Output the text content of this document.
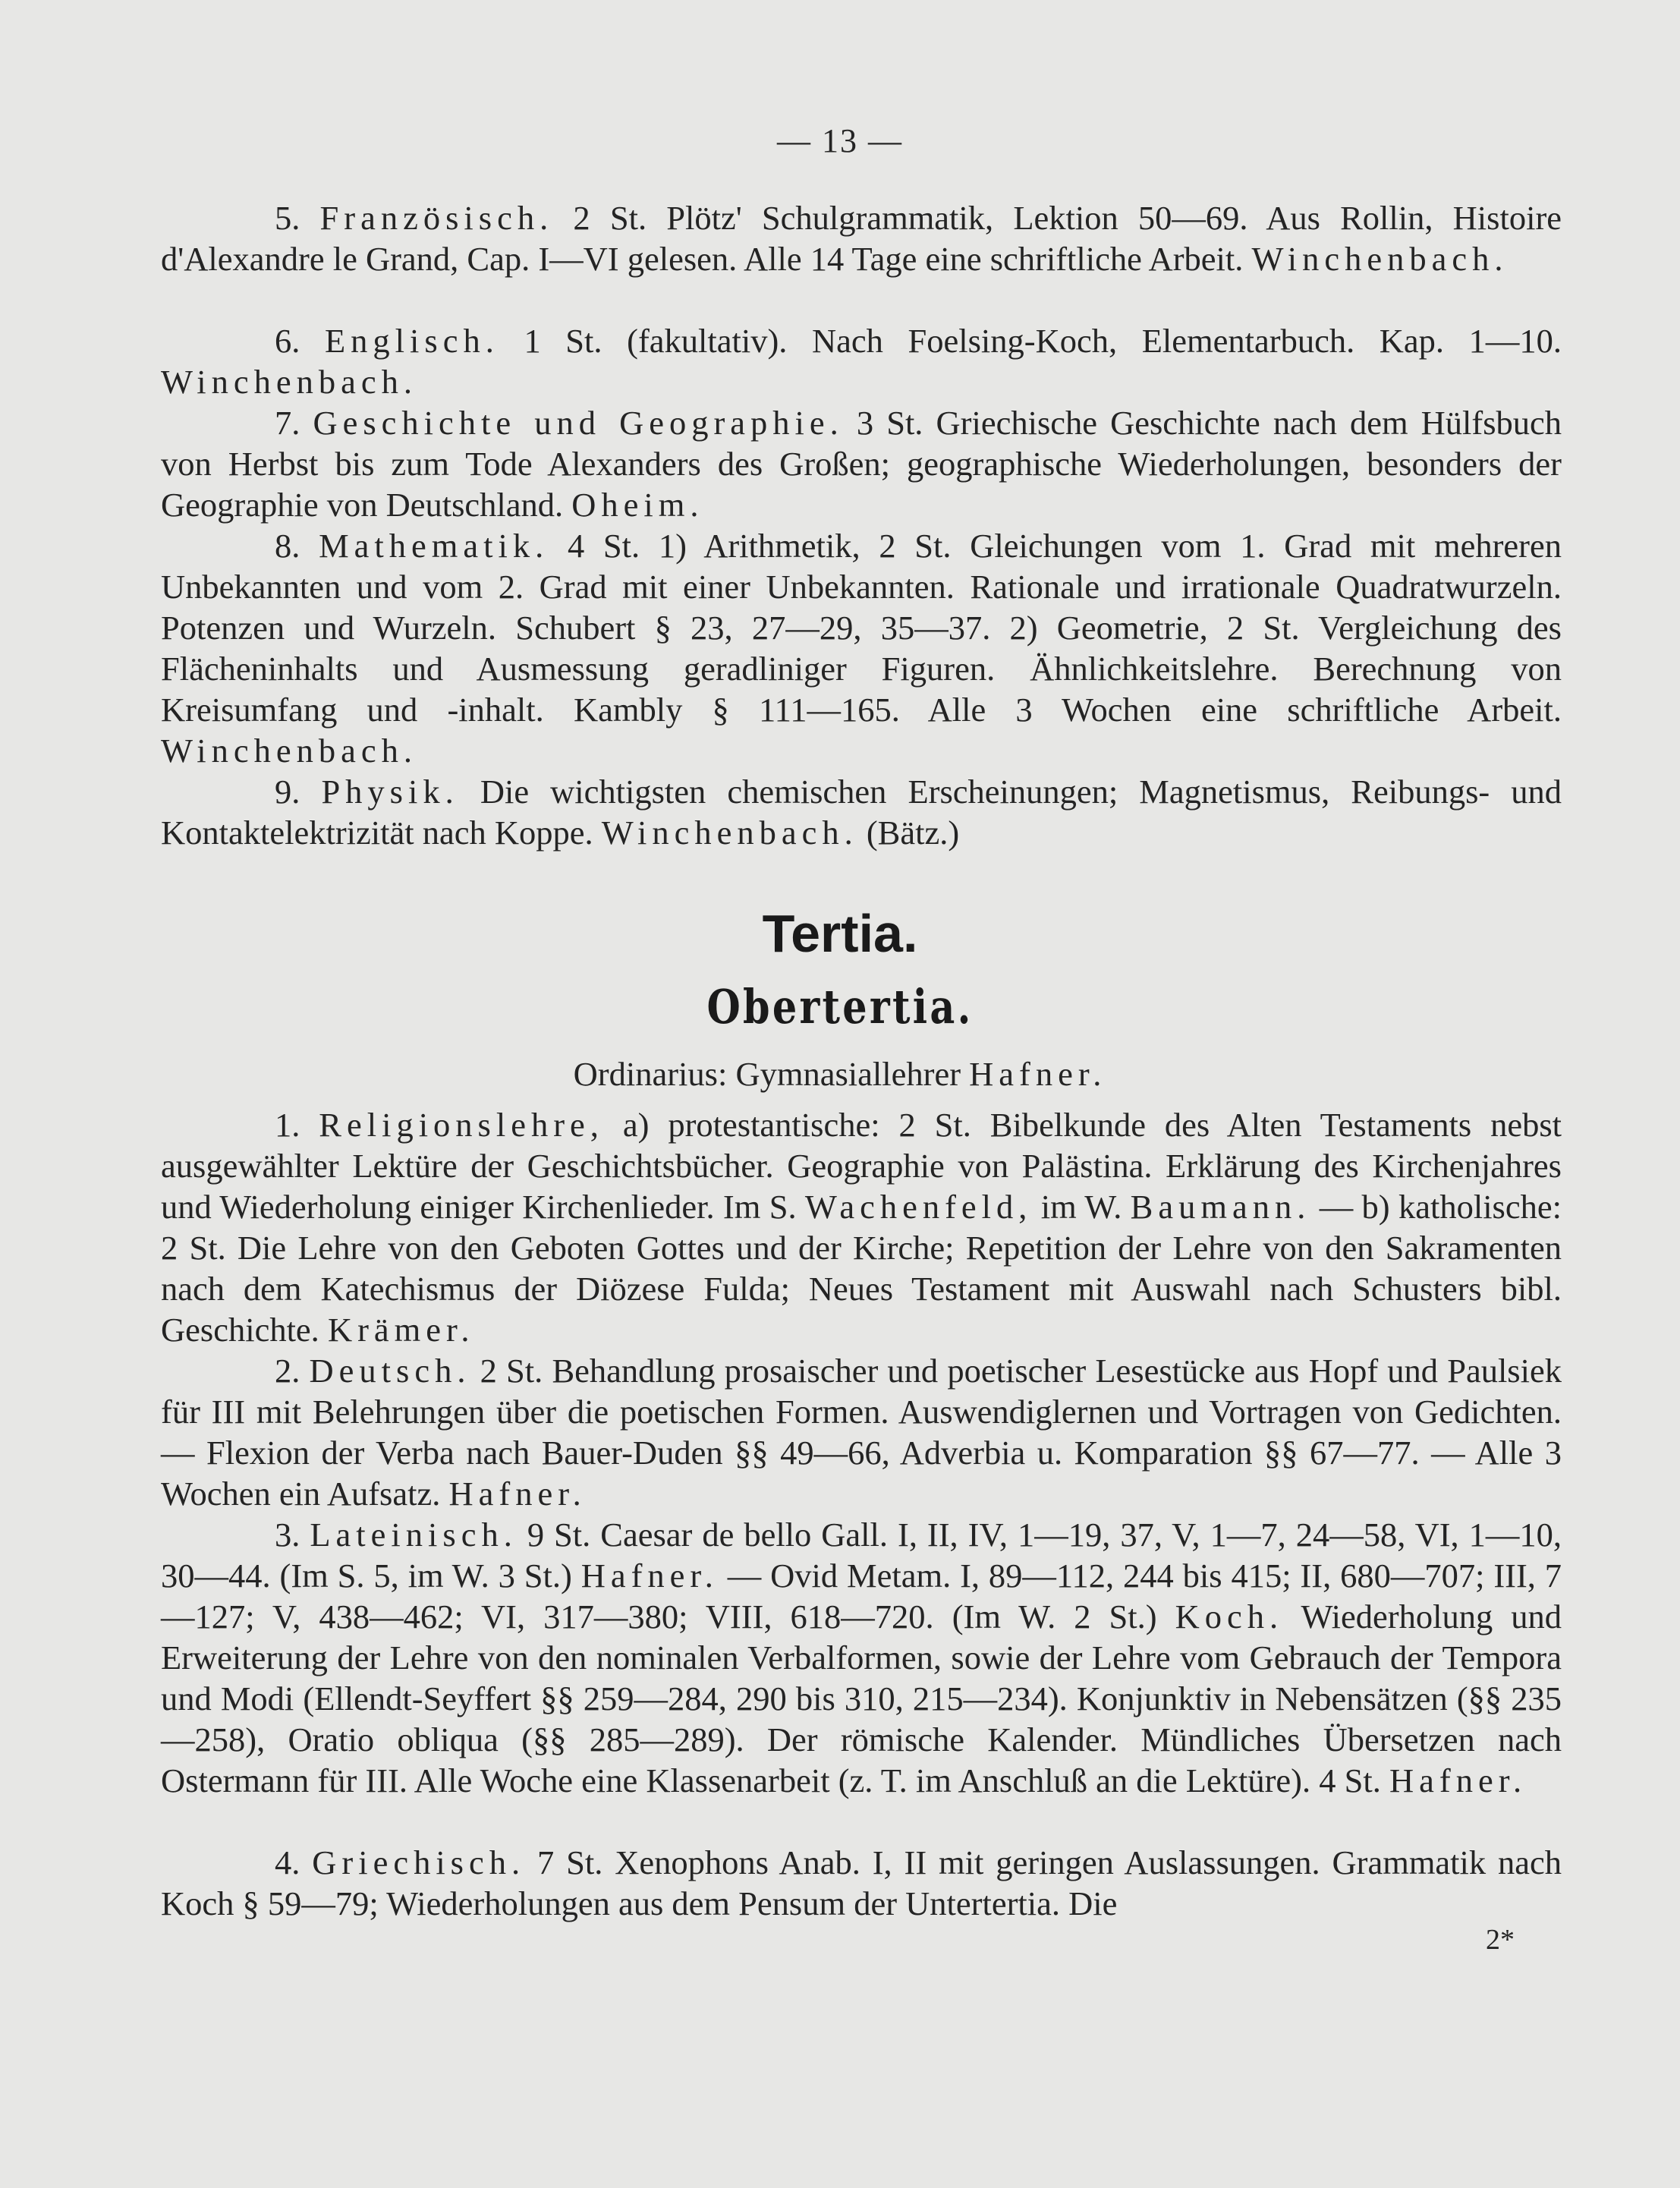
— 13 —
5. Französisch. 2 St. Plötz' Schulgrammatik, Lektion 50—69. Aus Rollin, Histoire d'Alexandre le Grand, Cap. I—VI gelesen. Alle 14 Tage eine schriftliche Arbeit. Winchenbach.
6. Englisch. 1 St. (fakultativ). Nach Foelsing-Koch, Elementarbuch. Kap. 1—10. Winchenbach.
7. Geschichte und Geographie. 3 St. Griechische Geschichte nach dem Hülfsbuch von Herbst bis zum Tode Alexanders des Großen; geographische Wiederholungen, besonders der Geographie von Deutschland. Oheim.
8. Mathematik. 4 St. 1) Arithmetik, 2 St. Gleichungen vom 1. Grad mit mehreren Unbekannten und vom 2. Grad mit einer Unbekannten. Rationale und irrationale Quadratwurzeln. Potenzen und Wurzeln. Schubert § 23, 27—29, 35—37. 2) Geometrie, 2 St. Vergleichung des Flächeninhalts und Ausmessung geradliniger Figuren. Ähnlichkeitslehre. Berechnung von Kreisumfang und -inhalt. Kambly § 111—165. Alle 3 Wochen eine schriftliche Arbeit. Winchenbach.
9. Physik. Die wichtigsten chemischen Erscheinungen; Magnetismus, Reibungs- und Kontaktelektrizität nach Koppe. Winchenbach. (Bätz.)
Tertia.
Obertertia.
Ordinarius: Gymnasiallehrer Hafner.
1. Religionslehre, a) protestantische: 2 St. Bibelkunde des Alten Testaments nebst ausgewählter Lektüre der Geschichtsbücher. Geographie von Palästina. Erklärung des Kirchenjahres und Wiederholung einiger Kirchenlieder. Im S. Wachenfeld, im W. Baumann. — b) katholische: 2 St. Die Lehre von den Geboten Gottes und der Kirche; Repetition der Lehre von den Sakramenten nach dem Katechismus der Diözese Fulda; Neues Testament mit Auswahl nach Schusters bibl. Geschichte. Krämer.
2. Deutsch. 2 St. Behandlung prosaischer und poetischer Lesestücke aus Hopf und Paulsiek für III mit Belehrungen über die poetischen Formen. Auswendiglernen und Vortragen von Gedichten. — Flexion der Verba nach Bauer-Duden §§ 49—66, Adverbia u. Komparation §§ 67—77. — Alle 3 Wochen ein Aufsatz. Hafner.
3. Lateinisch. 9 St. Caesar de bello Gall. I, II, IV, 1—19, 37, V, 1—7, 24—58, VI, 1—10, 30—44. (Im S. 5, im W. 3 St.) Hafner. — Ovid Metam. I, 89—112, 244 bis 415; II, 680—707; III, 7—127; V, 438—462; VI, 317—380; VIII, 618—720. (Im W. 2 St.) Koch. Wiederholung und Erweiterung der Lehre von den nominalen Verbalformen, sowie der Lehre vom Gebrauch der Tempora und Modi (Ellendt-Seyffert §§ 259—284, 290 bis 310, 215—234). Konjunktiv in Nebensätzen (§§ 235—258), Oratio obliqua (§§ 285—289). Der römische Kalender. Mündliches Übersetzen nach Ostermann für III. Alle Woche eine Klassenarbeit (z. T. im Anschluß an die Lektüre). 4 St. Hafner.
4. Griechisch. 7 St. Xenophons Anab. I, II mit geringen Auslassungen. Grammatik nach Koch § 59—79; Wiederholungen aus dem Pensum der Untertertia. Die
2*
